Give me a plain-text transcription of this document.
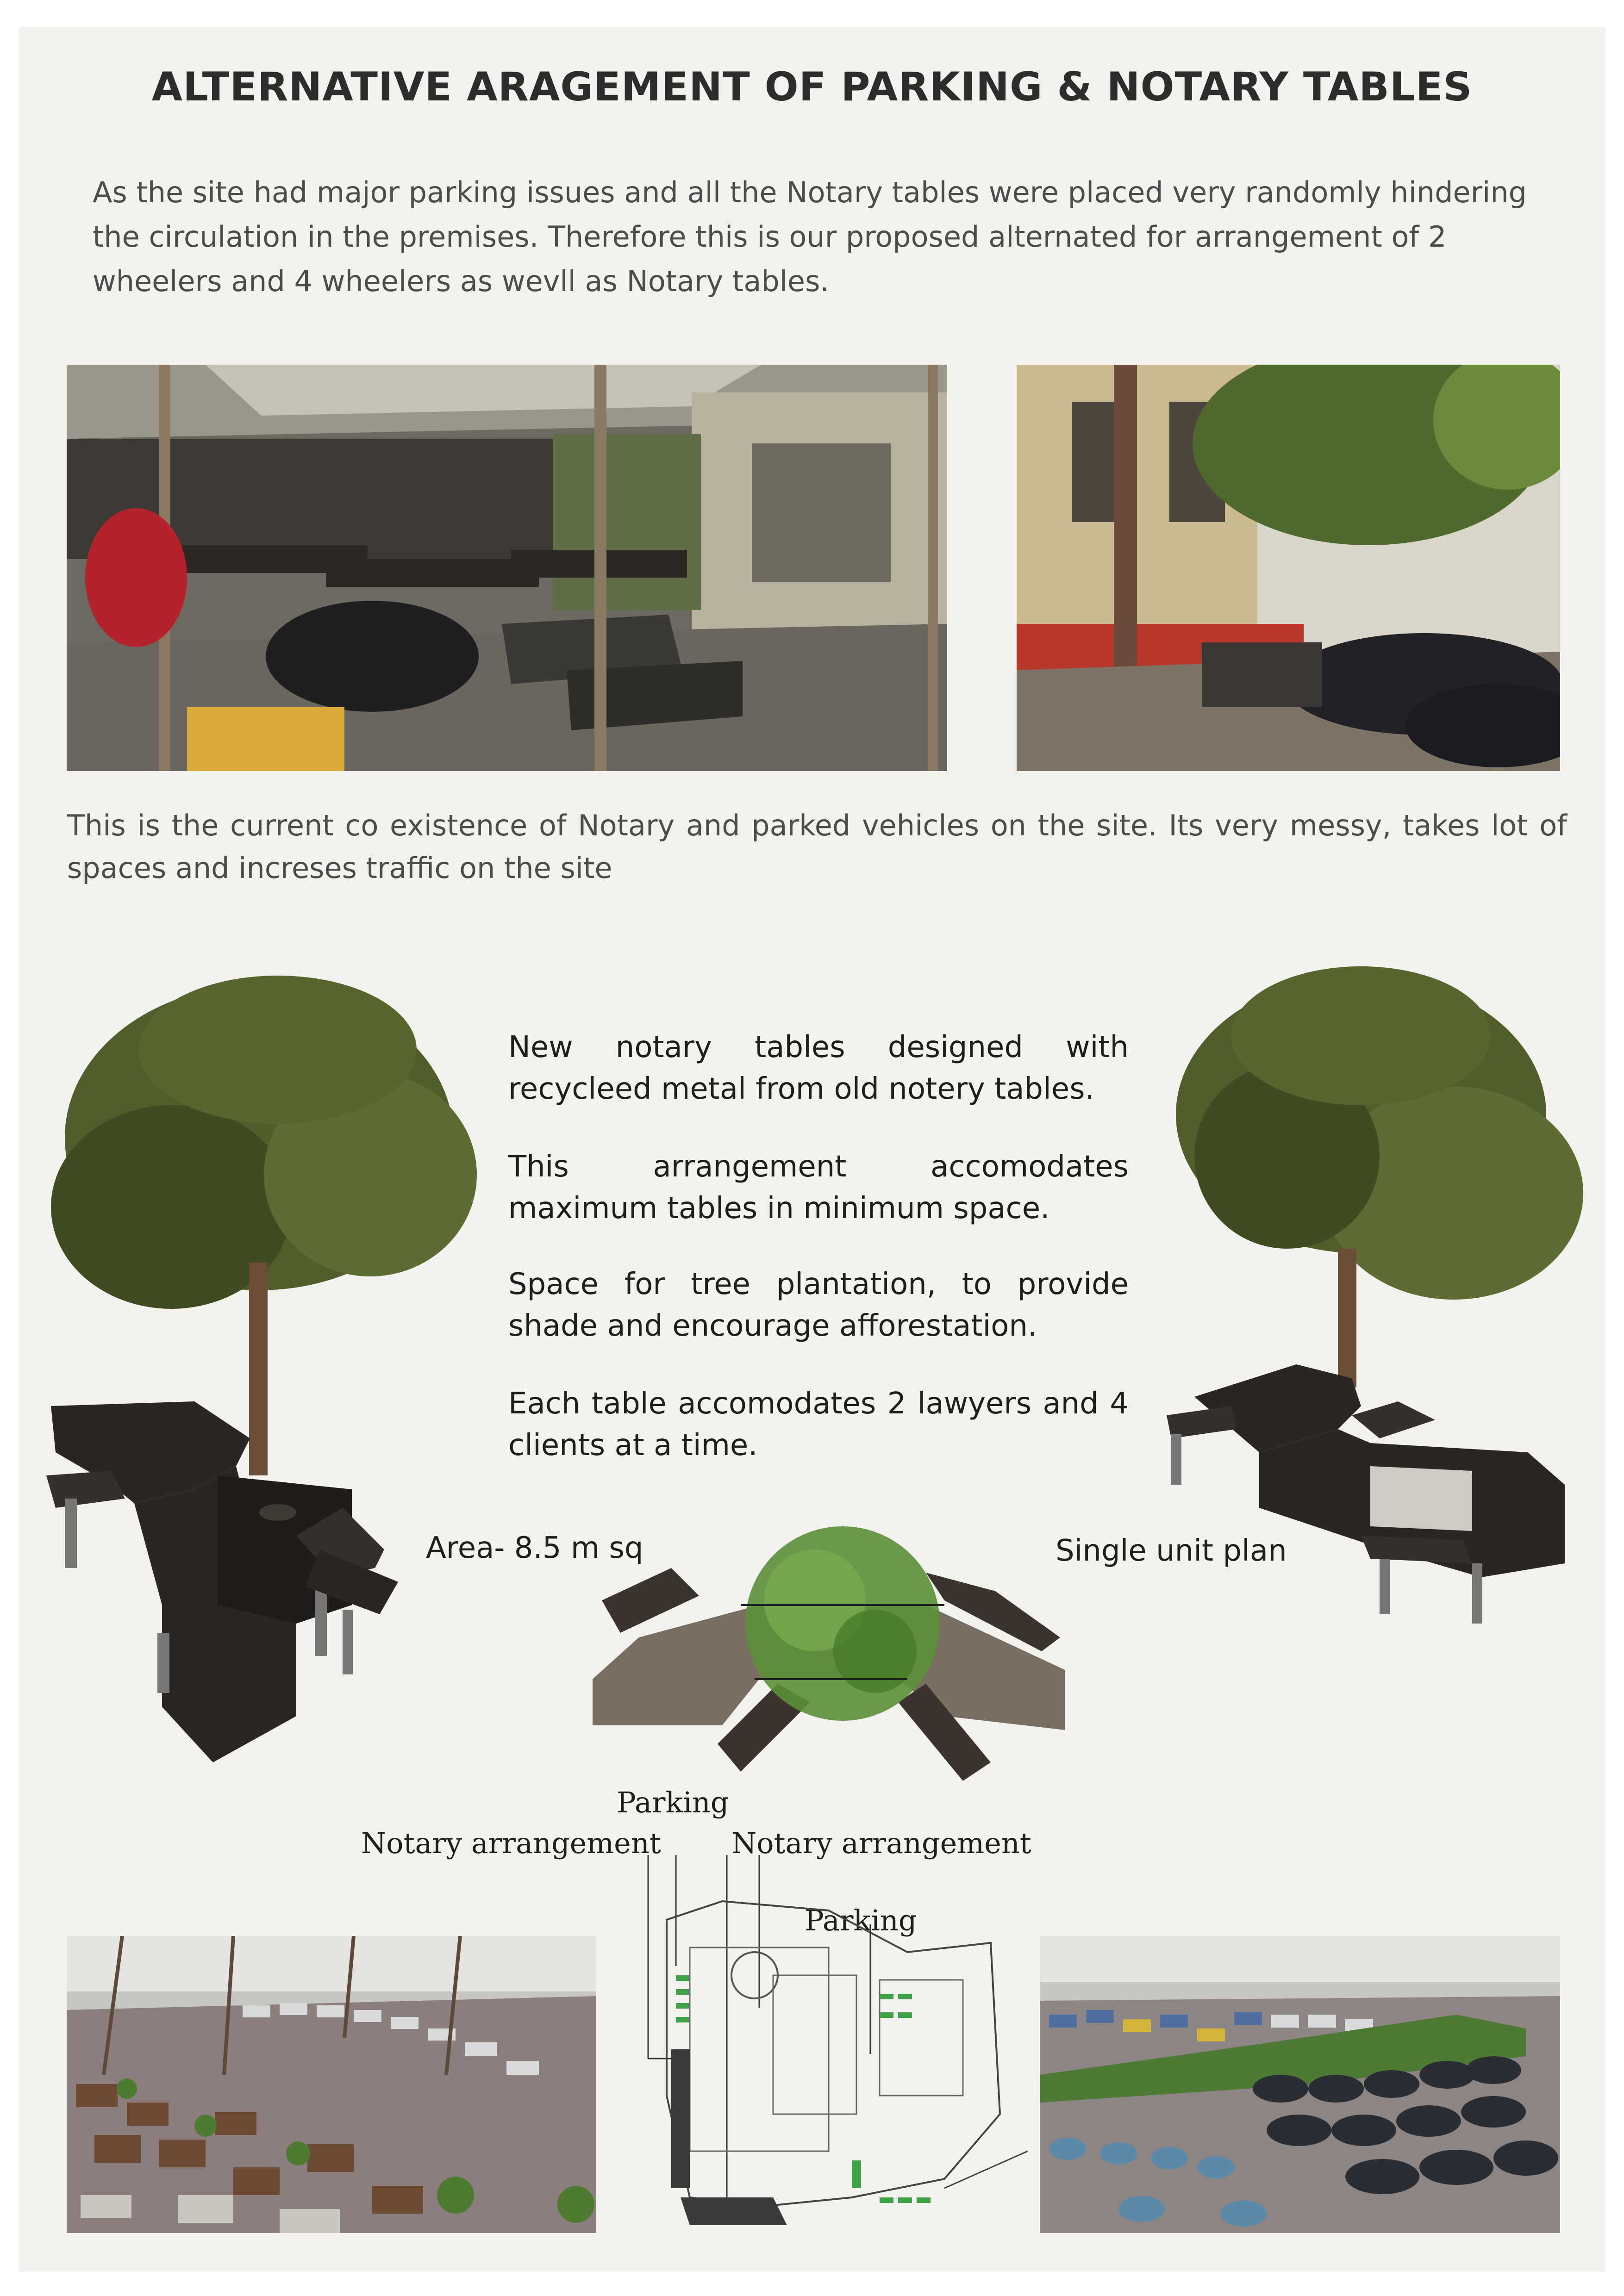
ALTERNATIVE ARAGEMENT OF PARKING & NOTARY TABLES
As the site had major parking issues and all the Notary tables were placed very randomly hindering the circulation in the premises. Therefore this is our proposed alternated for arrangement of 2 wheelers and 4 wheelers as wevll as Notary tables.
This is the current co existence of Notary and parked vehicles on the site. Its very messy, takes lot of spaces and increses traffic on the site
New notary tables designed with recycleed metal from old notery tables.
This arrangement accomodates maximum tables in minimum space.
Space for tree plantation, to provide shade and encourage afforestation.
Each table accomodates 2 lawyers and 4 clients at a time.
Area- 8.5 m sq	Single unit plan
Parking
Notary arrangement Notary arrangement
Parking
